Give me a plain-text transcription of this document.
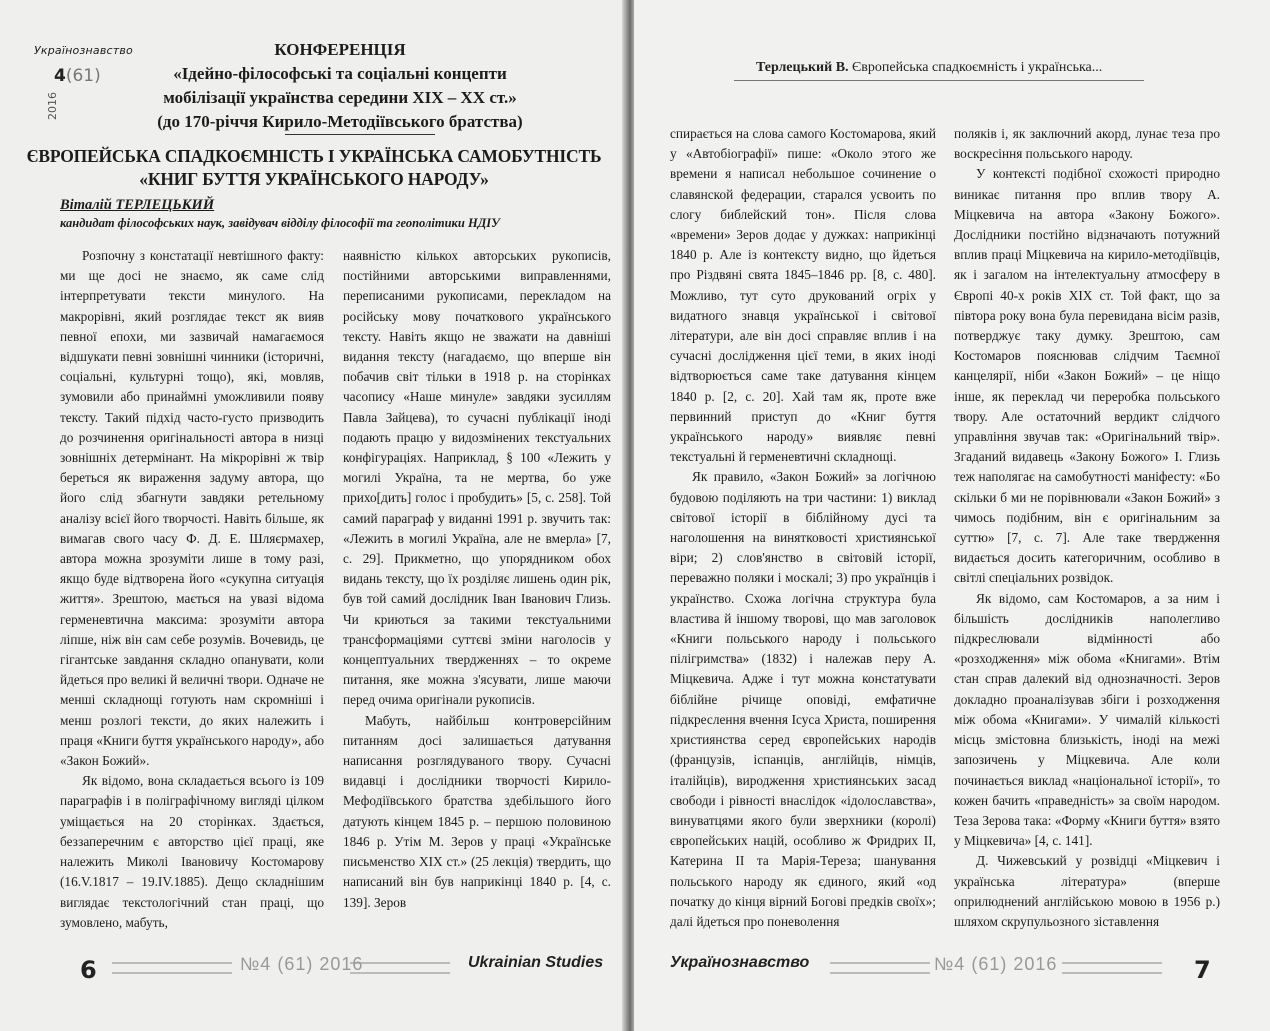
Українознавство
4(61)
2016
КОНФЕРЕНЦІЯ
«Ідейно-філософські та соціальні концепти
мобілізації українства середини ХІХ – ХХ ст.»
(до 170-річчя Кирило-Методіївського братства)
ЄВРОПЕЙСЬКА СПАДКОЄМНІСТЬ І УКРАЇНСЬКА САМОБУТНІСТЬ
«КНИГ БУТТЯ УКРАЇНСЬКОГО НАРОДУ»
Віталій ТЕРЛЕЦЬКИЙ
кандидат філософських наук, завідувач відділу філософії та геополітики НДІУ

Розпочну з констатації невтішного факту: ми ще досі не знаємо, як саме слід інтерпретувати тексти минулого. На макрорівні, який розглядає текст як вияв певної епохи, ми зазвичай намагаємося відшукати певні зовнішні чинники (історичні, соціальні, культурні тощо), які, мовляв, зумовили або принаймні уможливили появу тексту. Такий підхід часто-густо призводить до розчинення оригінальності автора в низці зовнішніх детермінант. На мікрорівні ж твір береться як вираження задуму автора, що його слід збагнути завдяки ретельному аналізу всієї його творчості. Навіть більше, як вимагав свого часу Ф. Д. Е. Шляєрмахер, автора можна зрозуміти лише в тому разі, якщо буде відтворена його «сукупна ситуація життя». Зрештою, мається на увазі відома герменевтична максима: зрозуміти автора ліпше, ніж він сам себе розумів. Вочевидь, це гігантське завдання складно опанувати, коли йдеться про великі й величні твори. Одначе не менші складнощі готують нам скромніші і менш розлогі тексти, до яких належить і праця «Книги буття українського народу», або «Закон Божий».

Як відомо, вона складається всього із 109 параграфів і в поліграфічному вигляді цілком уміщається на 20 сторінках. Здається, беззаперечним є авторство цієї праці, яке належить Миколі Івановичу Костомарову (16.V.1817 – 19.IV.1885). Дещо складнішим виглядає текстологічний стан праці, що зумовлено, мабуть,

наявністю кількох авторських рукописів, постійними авторськими виправленнями, переписаними рукописами, перекладом на російську мову початкового українського тексту. Навіть якщо не зважати на давніші видання тексту (нагадаємо, що вперше він побачив світ тільки в 1918 р. на сторінках часопису «Наше минуле» завдяки зусиллям Павла Зайцева), то сучасні публікації іноді подають працю у видозмінених текстуальних конфігураціях. Наприклад, § 100 «Лежить у могилі Україна, та не мертва, бо уже прихо[дить] голос і пробудить» [5, с. 258]. Той самий параграф у виданні 1991 р. звучить так: «Лежить в могилі Україна, але не вмерла» [7, с. 29]. Прикметно, що упорядником обох видань тексту, що їх розділяє лишень один рік, був той самий дослідник Іван Іванович Глизь. Чи криються за такими текстуальними трансформаціями суттєві зміни наголосів у концептуальних твердженнях – то окреме питання, яке можна з'ясувати, лише маючи перед очима оригінали рукописів.

Мабуть, найбільш контроверсійним питанням досі залишається датування написання розглядуваного твору. Сучасні видавці і дослідники творчості Кирило-Мефодіївського братства здебільшого його датують кінцем 1845 р. – першою половиною 1846 р. Утім М. Зеров у праці «Українське письменство XIX ст.» (25 лекція) твердить, що написаний він був наприкінці 1840 р. [4, с. 139]. Зеров

6	№4 (61) 2016	Ukrainian Studies
Терлецький В. Європейська спадкоємність і українська...

спирається на слова самого Костомарова, який у «Автобіографії» пише: «Около этого же времени я написал небольшое сочинение о славянской федерации, старался усвоить по слогу библейский тон». Після слова «времени» Зеров додає у дужках: наприкінці 1840 р. Але із контексту видно, що йдеться про Різдвяні свята 1845–1846 рр. [8, с. 480]. Можливо, тут суто друкований огріх у видатного знавця української і світової літератури, але він досі справляє вплив і на сучасні дослідження цієї теми, в яких іноді відтворюється саме таке датування кінцем 1840 р. [2, с. 20]. Хай там як, проте вже первинний приступ до «Книг буття українського народу» виявляє певні текстуальні й герменевтичні складнощі.

Як правило, «Закон Божий» за логічною будовою поділяють на три частини: 1) виклад світової історії в біблійному дусі та наголошення на винятковості християнської віри; 2) слов'янство в світовій історії, переважно поляки і москалі; 3) про українців і українство. Схожа логічна структура була властива й іншому творові, що мав заголовок «Книги польського народу і польського пілігримства» (1832) і належав перу А. Міцкевича. Адже і тут можна констатувати біблійне річище оповіді, емфатичне підкреслення вчення Ісуса Христа, поширення християнства серед європейських народів (французів, іспанців, англійців, німців, італійців), виродження християнських засад свободи і рівності внаслідок «ідолославства», винуватцями якого були зверхники (королі) європейських націй, особливо ж Фридрих II, Катерина II та Марія-Тереза; шанування польського народу як єдиного, який «од початку до кінця вірний Богові предків своїх»; далі йдеться про поневолення

поляків і, як заключний акорд, лунає теза про воскресіння польського народу.

У контексті подібної схожості природно виникає питання про вплив твору А. Міцкевича на автора «Закону Божого». Дослідники постійно відзначають потужний вплив праці Міцкевича на кирило-методіївців, як і загалом на інтелектуальну атмосферу в Європі 40-х років XIX ст. Той факт, що за півтора року вона була перевидана вісім разів, потверджує таку думку. Зрештою, сам Костомаров пояснював слідчим Таємної канцелярії, ніби «Закон Божий» – це ніщо інше, як переклад чи переробка польського твору. Але остаточний вердикт слідчого управління звучав так: «Оригінальний твір». Згаданий видавець «Закону Божого» І. Глизь теж наполягає на самобутності маніфесту: «Бо скільки б ми не порівнювали «Закон Божий» з чимось подібним, він є оригінальним за суттю» [7, с. 7]. Але таке твердження видається досить категоричним, особливо в світлі спеціальних розвідок.

Як відомо, сам Костомаров, а за ним і більшість дослідників наполегливо підкреслювали відмінності або «розходження» між обома «Книгами». Втім стан справ далекий від однозначності. Зеров докладно проаналізував збіги і розходження між обома «Книгами». У чималій кількості місць змістовна близькість, іноді на межі запозичень у Міцкевича. Але коли починається виклад «національної історії», то кожен бачить «праведність» за своїм народом. Теза Зерова така: «Форму «Книги буття» взято у Міцкевича» [4, с. 141].

Д. Чижевський у розвідці «Міцкевич і українська література» (вперше оприлюднений англійською мовою в 1956 р.) шляхом скрупульозного зіставлення

Українознавство	№4 (61) 2016	7
